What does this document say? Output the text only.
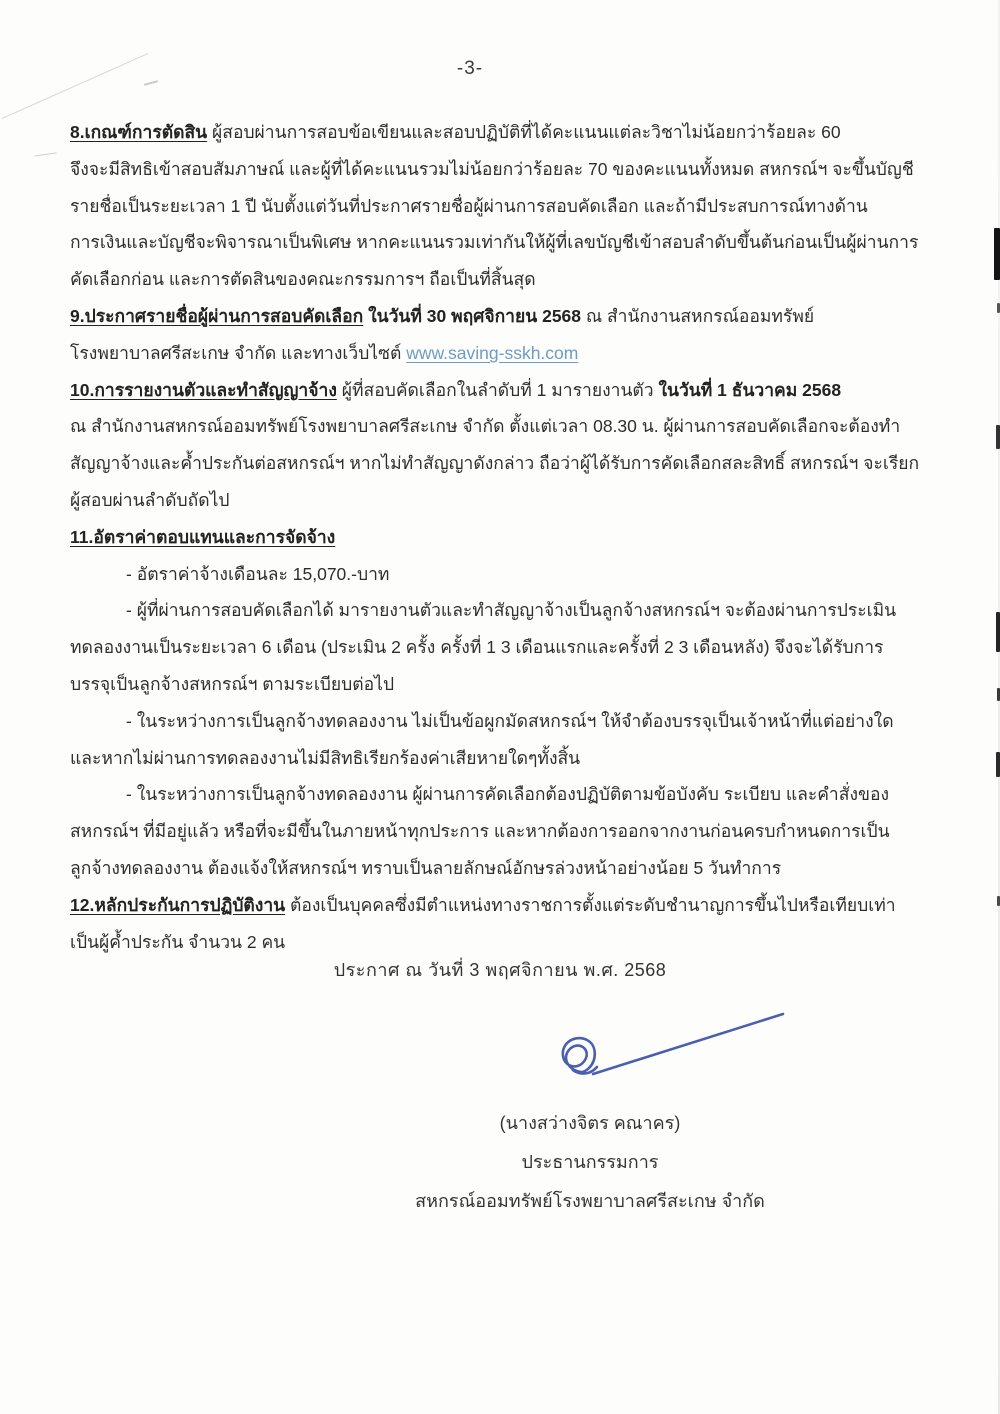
-3-
8.เกณฑ์การตัดสิน ผู้สอบผ่านการสอบข้อเขียนและสอบปฏิบัติที่ได้คะแนนแต่ละวิชาไม่น้อยกว่าร้อยละ 60
จึงจะมีสิทธิเข้าสอบสัมภาษณ์ และผู้ที่ได้คะแนนรวมไม่น้อยกว่าร้อยละ 70 ของคะแนนทั้งหมด สหกรณ์ฯ จะขึ้นบัญชี
รายชื่อเป็นระยะเวลา 1 ปี นับตั้งแต่วันที่ประกาศรายชื่อผู้ผ่านการสอบคัดเลือก และถ้ามีประสบการณ์ทางด้าน
การเงินและบัญชีจะพิจารณาเป็นพิเศษ หากคะแนนรวมเท่ากันให้ผู้ที่เลขบัญชีเข้าสอบลำดับขึ้นต้นก่อนเป็นผู้ผ่านการ
คัดเลือกก่อน และการตัดสินของคณะกรรมการฯ ถือเป็นที่สิ้นสุด
9.ประกาศรายชื่อผู้ผ่านการสอบคัดเลือก ในวันที่ 30 พฤศจิกายน 2568 ณ สำนักงานสหกรณ์ออมทรัพย์
โรงพยาบาลศรีสะเกษ จำกัด และทางเว็บไซต์ www.saving-sskh.com
10.การรายงานตัวและทำสัญญาจ้าง ผู้ที่สอบคัดเลือกในลำดับที่ 1 มารายงานตัว ในวันที่ 1 ธันวาคม 2568
ณ สำนักงานสหกรณ์ออมทรัพย์โรงพยาบาลศรีสะเกษ จำกัด ตั้งแต่เวลา 08.30 น. ผู้ผ่านการสอบคัดเลือกจะต้องทำ
สัญญาจ้างและค้ำประกันต่อสหกรณ์ฯ หากไม่ทำสัญญาดังกล่าว ถือว่าผู้ได้รับการคัดเลือกสละสิทธิ์ สหกรณ์ฯ จะเรียก
ผู้สอบผ่านลำดับถัดไป
11.อัตราค่าตอบแทนและการจัดจ้าง
- อัตราค่าจ้างเดือนละ 15,070.-บาท
- ผู้ที่ผ่านการสอบคัดเลือกได้ มารายงานตัวและทำสัญญาจ้างเป็นลูกจ้างสหกรณ์ฯ จะต้องผ่านการประเมิน
ทดลองงานเป็นระยะเวลา 6 เดือน (ประเมิน 2 ครั้ง ครั้งที่ 1 3 เดือนแรกและครั้งที่ 2 3 เดือนหลัง) จึงจะได้รับการ
บรรจุเป็นลูกจ้างสหกรณ์ฯ ตามระเบียบต่อไป
- ในระหว่างการเป็นลูกจ้างทดลองงาน ไม่เป็นข้อผูกมัดสหกรณ์ฯ ให้จำต้องบรรจุเป็นเจ้าหน้าที่แต่อย่างใด
และหากไม่ผ่านการทดลองงานไม่มีสิทธิเรียกร้องค่าเสียหายใดๆทั้งสิ้น
- ในระหว่างการเป็นลูกจ้างทดลองงาน ผู้ผ่านการคัดเลือกต้องปฏิบัติตามข้อบังคับ ระเบียบ และคำสั่งของ
สหกรณ์ฯ ที่มีอยู่แล้ว หรือที่จะมีขึ้นในภายหน้าทุกประการ และหากต้องการออกจากงานก่อนครบกำหนดการเป็น
ลูกจ้างทดลองงาน ต้องแจ้งให้สหกรณ์ฯ ทราบเป็นลายลักษณ์อักษรล่วงหน้าอย่างน้อย 5 วันทำการ
12.หลักประกันการปฏิบัติงาน ต้องเป็นบุคคลซึ่งมีตำแหน่งทางราชการตั้งแต่ระดับชำนาญการขึ้นไปหรือเทียบเท่า
เป็นผู้ค้ำประกัน จำนวน 2 คน
ประกาศ ณ วันที่ 3 พฤศจิกายน พ.ศ. 2568
(นางสว่างจิตร คณาคร)
ประธานกรรมการ
สหกรณ์ออมทรัพย์โรงพยาบาลศรีสะเกษ จำกัด
